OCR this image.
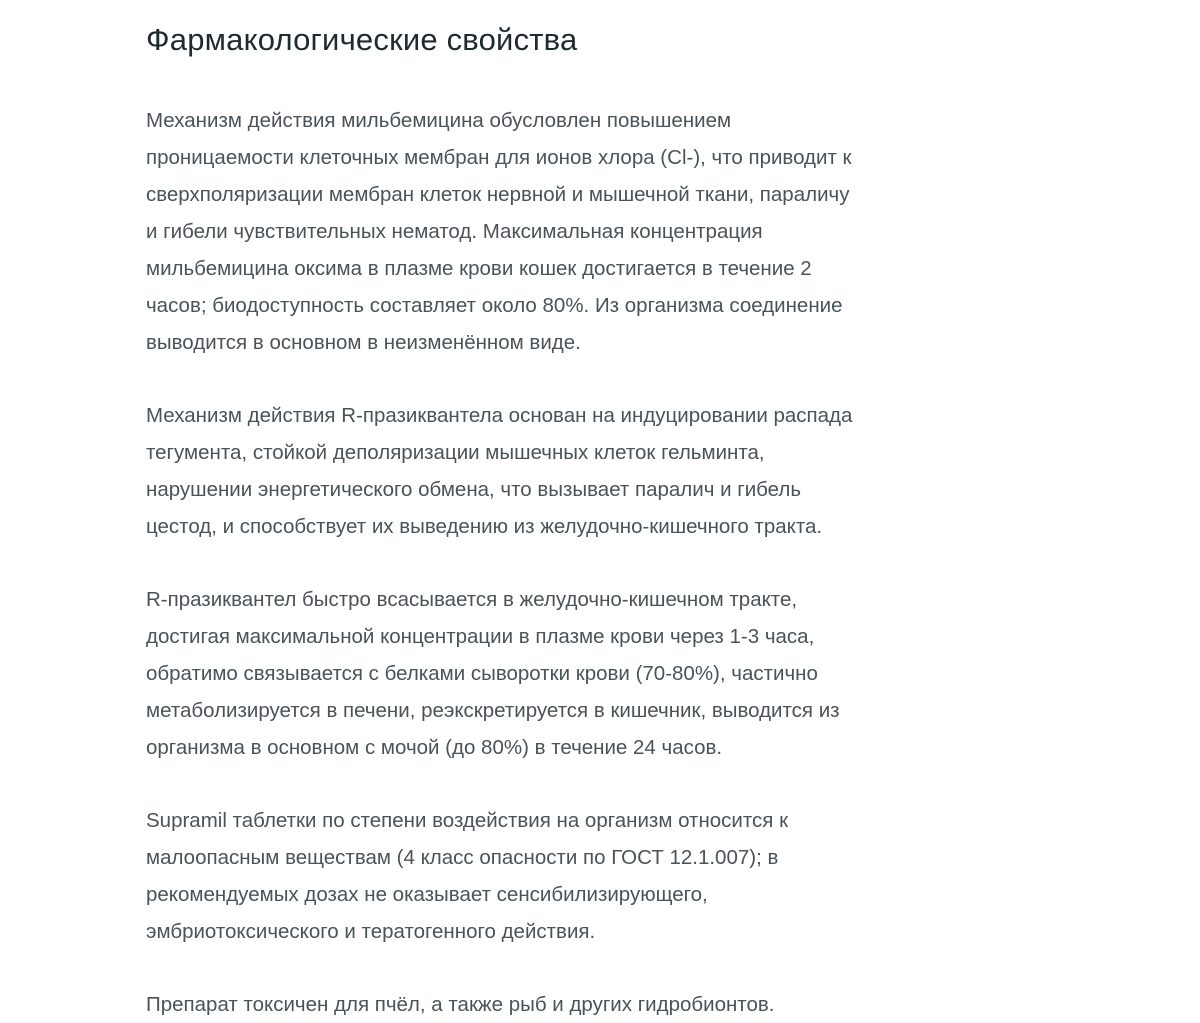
Фармакологические свойства

Механизм действия мильбемицина обусловлен повышением
проницаемости клеточных мембран для ионов хлора (Cl-), что приводит к
сверхполяризации мембран клеток нервной и мышечной ткани, параличу
и гибели чувствительных нематод. Максимальная концентрация
мильбемицина оксима в плазме крови кошек достигается в течение 2
часов; биодоступность составляет около 80%. Из организма соединение
выводится в основном в неизменённом виде.

Механизм действия R-празиквантела основан на индуцировании распада
тегумента, стойкой деполяризации мышечных клеток гельминта,
нарушении энергетического обмена, что вызывает паралич и гибель
цестод, и способствует их выведению из желудочно-кишечного тракта.

R-празиквантел быстро всасывается в желудочно-кишечном тракте,
достигая максимальной концентрации в плазме крови через 1-3 часа,
обратимо связывается с белками сыворотки крови (70-80%), частично
метаболизируется в печени, реэкскретируется в кишечник, выводится из
организма в основном с мочой (до 80%) в течение 24 часов.

Supramil таблетки по степени воздействия на организм относится к
малоопасным веществам (4 класс опасности по ГОСТ 12.1.007); в
рекомендуемых дозах не оказывает сенсибилизирующего,
эмбриотоксического и тератогенного действия.

Препарат токсичен для пчёл, а также рыб и других гидробионтов.
